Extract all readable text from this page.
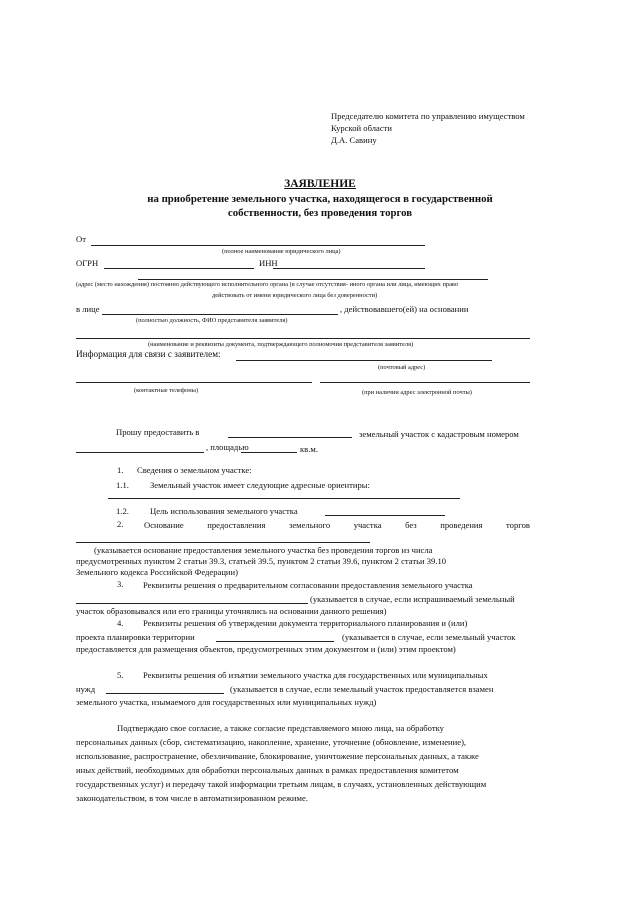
Председателю комитета по управлению имуществом
Курской области
Д.А. Савину
ЗАЯВЛЕНИЕ
на приобретение земельного участка, находящегося в государственной
собственности, без проведения торгов
От
(полное наименование юридического лица)
ОГРН	ИНН
(адрес (место нахождения) постоянно действующего исполнительного органа (в случае отсутствия- иного органа или лица, имеющих право
действовать от имени юридического лица без доверенности)
в лице	, действовавшего(ей) на основании
(полностью должность, ФИО представителя заявителя)
(наименование и реквизиты документа, подтверждающего полномочия представителя заявителя)
Информация для связи с заявителем:
(почтовый адрес)
(контактные телефоны)	(при наличии адрес электронной почты)
Прошу предоставить в	земельный участок с кадастровым номером
, площадью	кв.м.
1. Сведения о земельном участке:
1.1. Земельный участок имеет следующие адресные ориентиры:
1.2. Цель использования земельного участка
2. Основание	предоставления	земельного	участка	без	проведения	торгов
(указывается основание предоставления земельного участка без проведения торгов из числа
предусмотренных пунктом 2 статьи 39.3, статьей 39.5, пунктом 2 статьи 39.6, пунктом 2 статьи 39.10
Земельного кодекса Российской Федерации)
3. Реквизиты решения о предварительном согласовании предоставления земельного участка
(указывается в случае, если испрашиваемый земельный
участок образовывался или его границы уточнялись на основании данного решения)
4. Реквизиты решения об утверждении документа территориального планирования и (или)
проекта планировки территории	(указывается в случае, если земельный участок
предоставляется для размещения объектов, предусмотренных этим документом и (или) этим проектом)
5. Реквизиты решения об изъятии земельного участка для государственных или муниципальных
нужд	(указывается в случае, если земельный участок предоставляется взамен
земельного участка, изымаемого для государственных или муниципальных нужд)
Подтверждаю свое согласие, а также согласие представляемого мною лица, на обработку
персональных данных (сбор, систематизацию, накопление, хранение, уточнение (обновление, изменение),
использование, распространение, обезличивание, блокирование, уничтожение персональных данных, а также
иных действий, необходимых для обработки персональных данных в рамках предоставления комитетом
государственных услуг) и передачу такой информации третьим лицам, в случаях, установленных действующим
законодательством, в том числе в автоматизированном режиме.
